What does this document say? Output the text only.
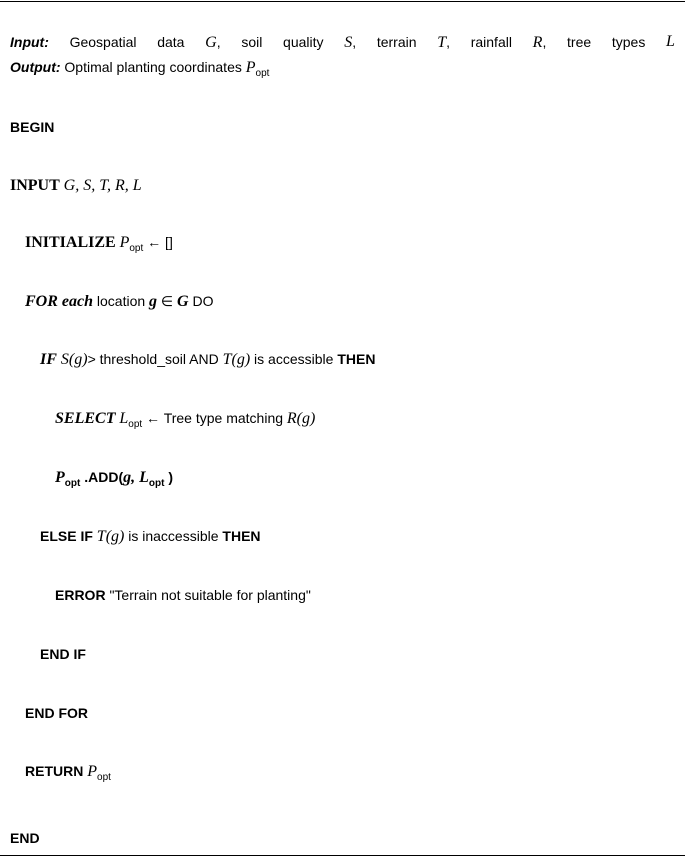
Input: Geospatial data G, soil quality S, terrain T, rainfall R, tree types L
Output: Optimal planting coordinates $P_{opt}$
BEGIN
INPUT G, S, T, R, L
INITIALIZE $P_{opt}$ ← []
FOR each location g ∈ G DO
IF S(g)> threshold_soil AND T(g) is accessible THEN
SELECT $L_{opt}$ ← Tree type matching R(g)
$P_{opt}$ .ADD(g, $L_{opt}$ )
ELSE IF T(g) is inaccessible THEN
ERROR "Terrain not suitable for planting"
END IF
END FOR
RETURN $P_{opt}$
END
